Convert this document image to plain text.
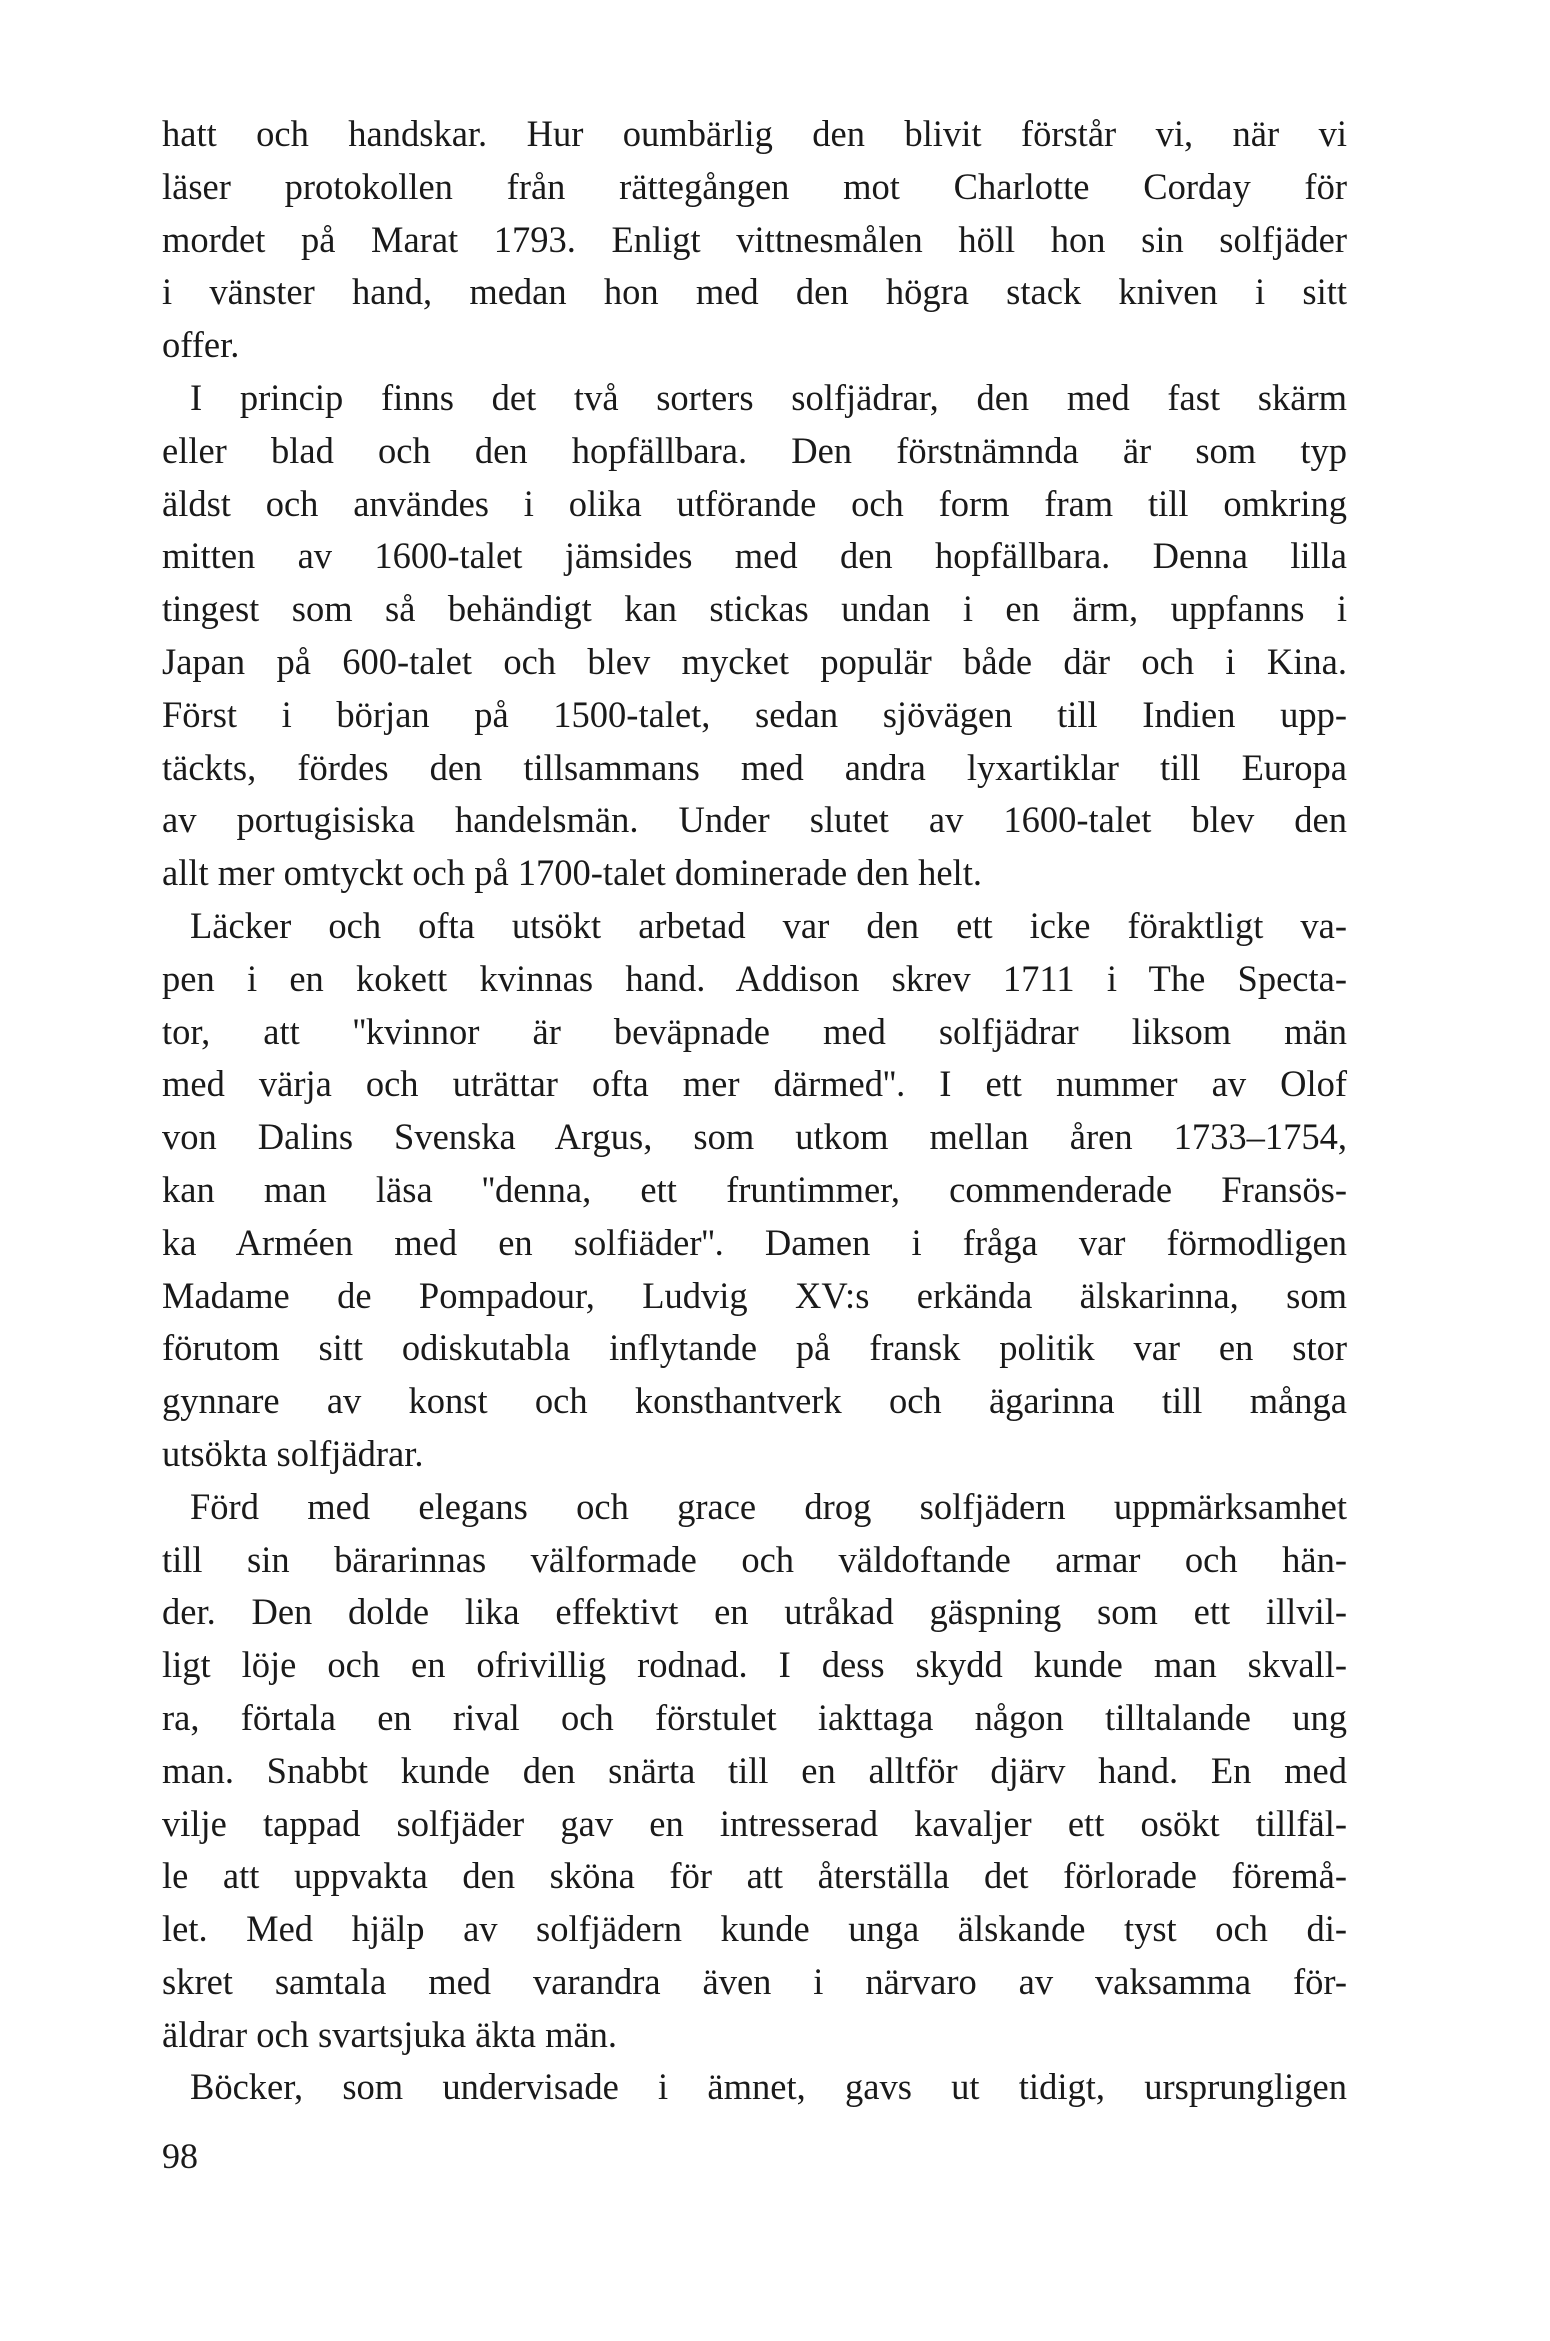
hatt och handskar. Hur oumbärlig den blivit förstår vi, när vi
läser protokollen från rättegången mot Charlotte Corday för
mordet på Marat 1793. Enligt vittnesmålen höll hon sin solfjäder
i vänster hand, medan hon med den högra stack kniven i sitt
offer.
I princip finns det två sorters solfjädrar, den med fast skärm
eller blad och den hopfällbara. Den förstnämnda är som typ
äldst och användes i olika utförande och form fram till omkring
mitten av 1600-talet jämsides med den hopfällbara. Denna lilla
tingest som så behändigt kan stickas undan i en ärm, uppfanns i
Japan på 600-talet och blev mycket populär både där och i Kina.
Först i början på 1500-talet, sedan sjövägen till Indien upp-
täckts, fördes den tillsammans med andra lyxartiklar till Europa
av portugisiska handelsmän. Under slutet av 1600-talet blev den
allt mer omtyckt och på 1700-talet dominerade den helt.
Läcker och ofta utsökt arbetad var den ett icke föraktligt va-
pen i en kokett kvinnas hand. Addison skrev 1711 i The Specta-
tor, att ''kvinnor är beväpnade med solfjädrar liksom män
med värja och uträttar ofta mer därmed''. I ett nummer av Olof
von Dalins Svenska Argus, som utkom mellan åren 1733–1754,
kan man läsa ''denna, ett fruntimmer, commenderade Fransös-
ka Arméen med en solfiäder''. Damen i fråga var förmodligen
Madame de Pompadour, Ludvig XV:s erkända älskarinna, som
förutom sitt odiskutabla inflytande på fransk politik var en stor
gynnare av konst och konsthantverk och ägarinna till många
utsökta solfjädrar.
Förd med elegans och grace drog solfjädern uppmärksamhet
till sin bärarinnas välformade och väldoftande armar och hän-
der. Den dolde lika effektivt en utråkad gäspning som ett illvil-
ligt löje och en ofrivillig rodnad. I dess skydd kunde man skvall-
ra, förtala en rival och förstulet iakttaga någon tilltalande ung
man. Snabbt kunde den snärta till en alltför djärv hand. En med
vilje tappad solfjäder gav en intresserad kavaljer ett osökt tillfäl-
le att uppvakta den sköna för att återställa det förlorade föremå-
let. Med hjälp av solfjädern kunde unga älskande tyst och di-
skret samtala med varandra även i närvaro av vaksamma för-
äldrar och svartsjuka äkta män.
Böcker, som undervisade i ämnet, gavs ut tidigt, ursprungligen
98
